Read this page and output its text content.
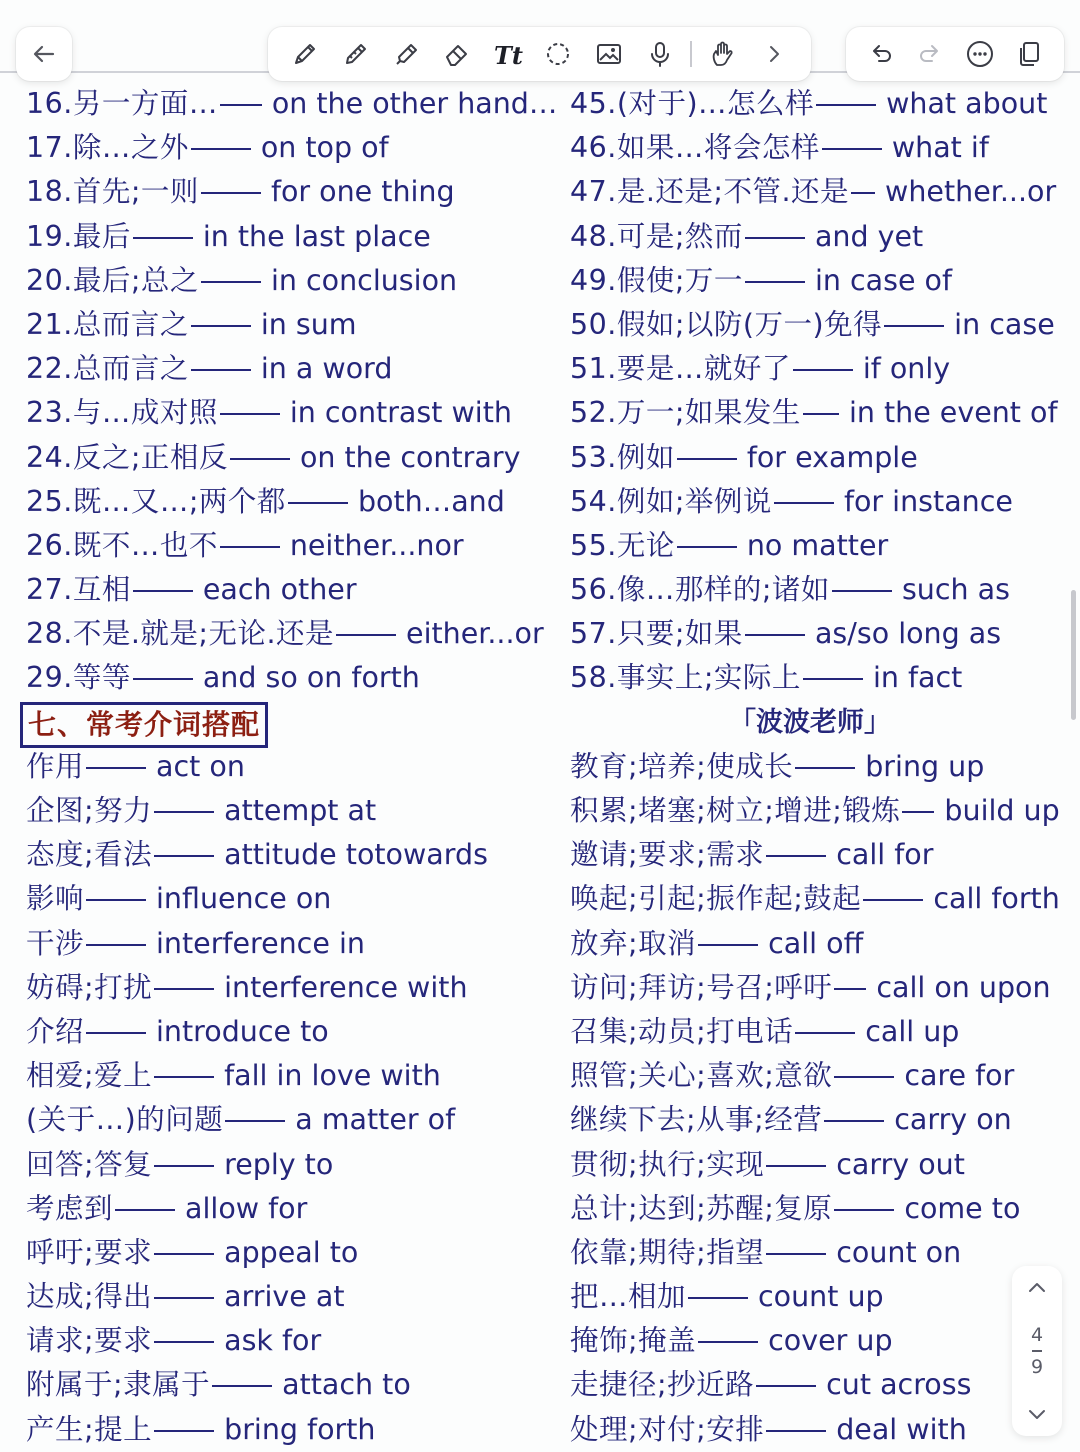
Tt
16.另一方面… on the other hand…
17.除…之外	on top of
18.首先;一则	for one thing
19.最后	in the last place
20.最后;总之	in conclusion
21.总而言之	in sum
22.总而言之	in a word
23.与…成对照	in contrast with
24.反之;正相反	on the contrary
25.既…又…;两个都	both…and
26.既不…也不	neither...nor
27.互相	each other
28.不是.就是;无论.还是	either...or
29.等等	and so on forth
七、常考介词搭配
作用	act on
企图;努力	attempt at
态度;看法	attitude totowards
影响	influence on
干涉	interference in
妨碍;打扰	interference with
介绍	introduce to
相爱;爱上	fall in love with
(关于…)的问题	a matter of
回答;答复	reply to
考虑到	allow for
呼吁;要求	appeal to
达成;得出	arrive at
请求;要求	ask for
附属于;隶属于	attach to
产生;提上	bring forth
45.(对于)…怎么样	what about
46.如果…将会怎样	what if
47.是.还是;不管.还是 whether...or
48.可是;然而	and yet
49.假使;万一	in case of
50.假如;以防(万一)免得	in case
51.要是…就好了	if only
52.万一;如果发生 in the event of
53.例如	for example
54.例如;举例说	for instance
55.无论	no matter
56.像…那样的;诸如	such as
57.只要;如果	as/so long as
58.事实上;实际上	in fact
「波波老师」
教育;培养;使成长	bring up
积累;堵塞;树立;增进;锻炼 build up
邀请;要求;需求	call for
唤起;引起;振作起;鼓起	call forth
放弃;取消	call off
访问;拜访;号召;呼吁 call on upon
召集;动员;打电话	call up
照管;关心;喜欢;意欲	care for
继续下去;从事;经营	carry on
贯彻;执行;实现	carry out
总计;达到;苏醒;复原	come to
依靠;期待;指望	count on
把…相加	count up
掩饰;掩盖	cover up
走捷径;抄近路	cut across
处理;对付;安排	deal with
4
9
